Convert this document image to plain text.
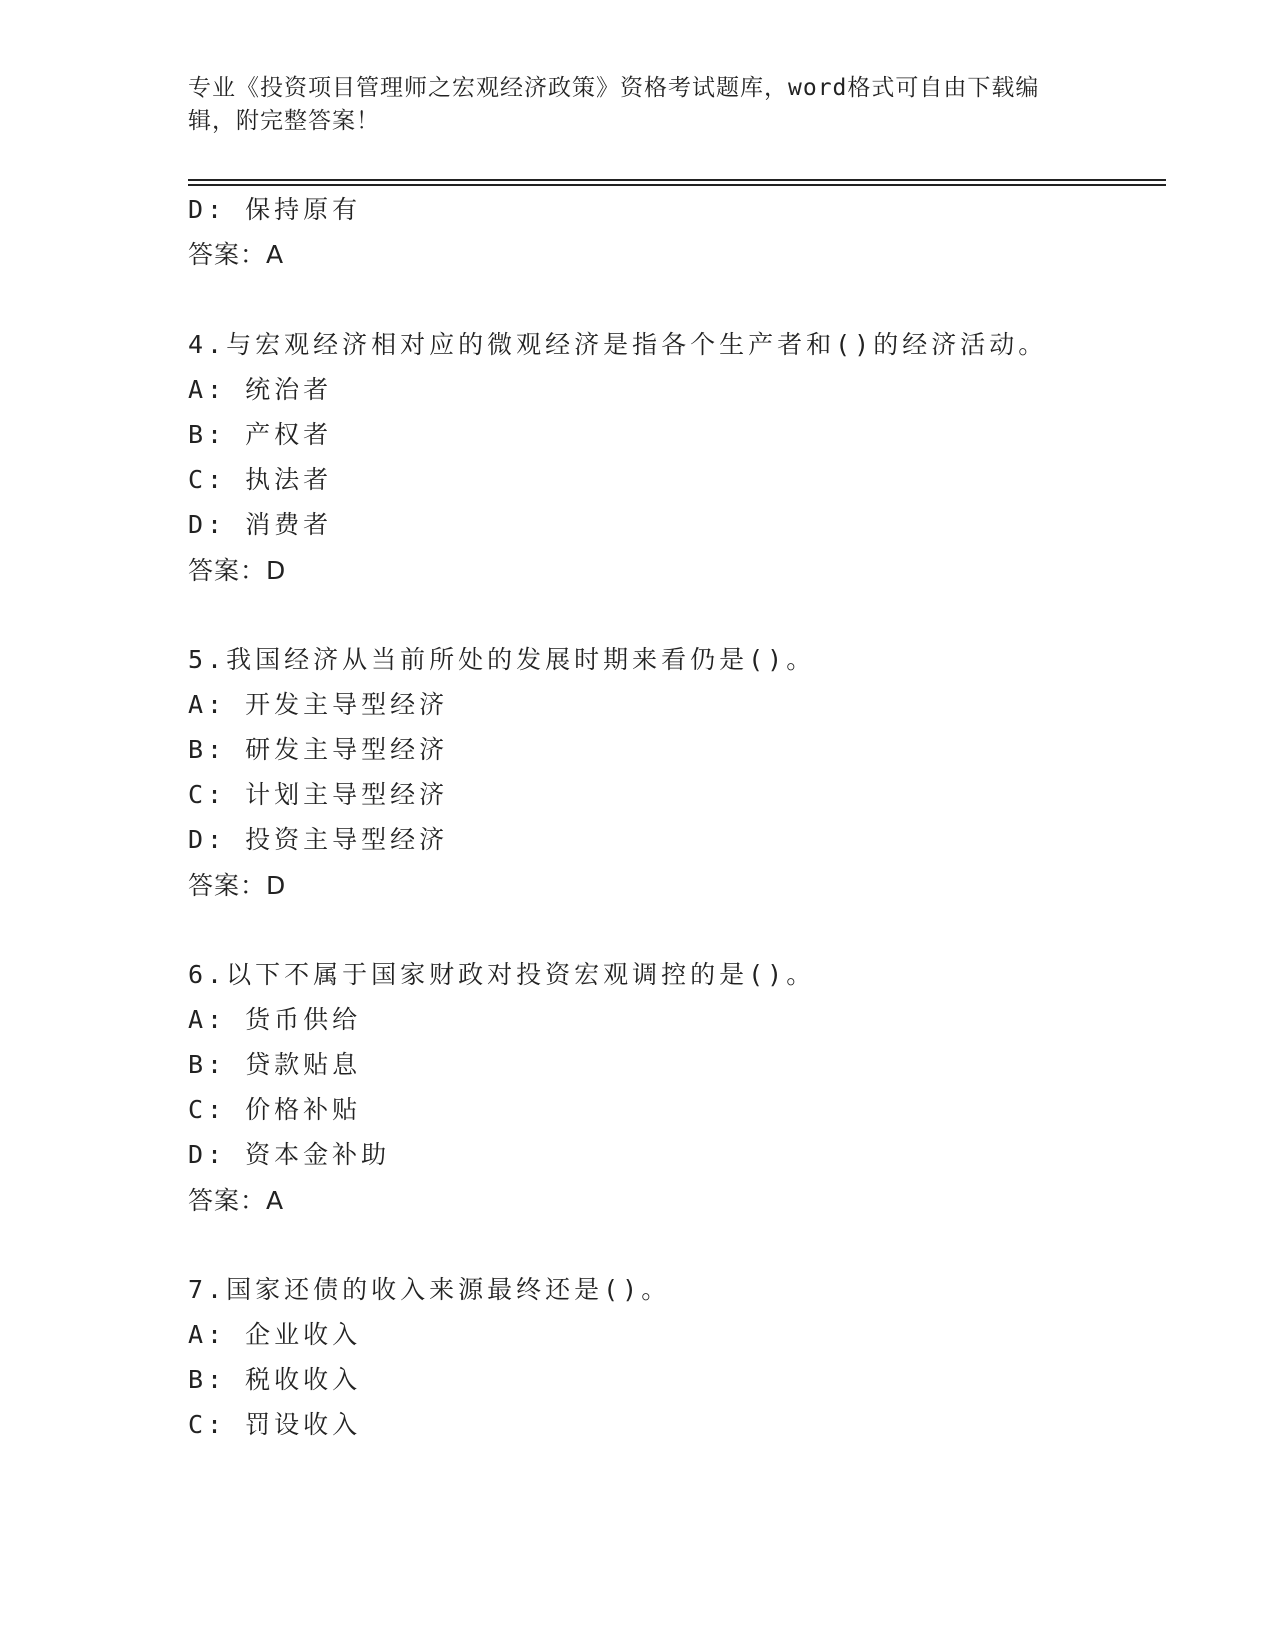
专业《投资项目管理师之宏观经济政策》资格考试题库，word格式可自由下载编
辑，附完整答案！
D: 保持原有
答案：A
4.与宏观经济相对应的微观经济是指各个生产者和()的经济活动。
A: 统治者
B: 产权者
C: 执法者
D: 消费者
答案：D
5.我国经济从当前所处的发展时期来看仍是()。
A: 开发主导型经济
B: 研发主导型经济
C: 计划主导型经济
D: 投资主导型经济
答案：D
6.以下不属于国家财政对投资宏观调控的是()。
A: 货币供给
B: 贷款贴息
C: 价格补贴
D: 资本金补助
答案：A
7.国家还债的收入来源最终还是()。
A: 企业收入
B: 税收收入
C: 罚设收入
